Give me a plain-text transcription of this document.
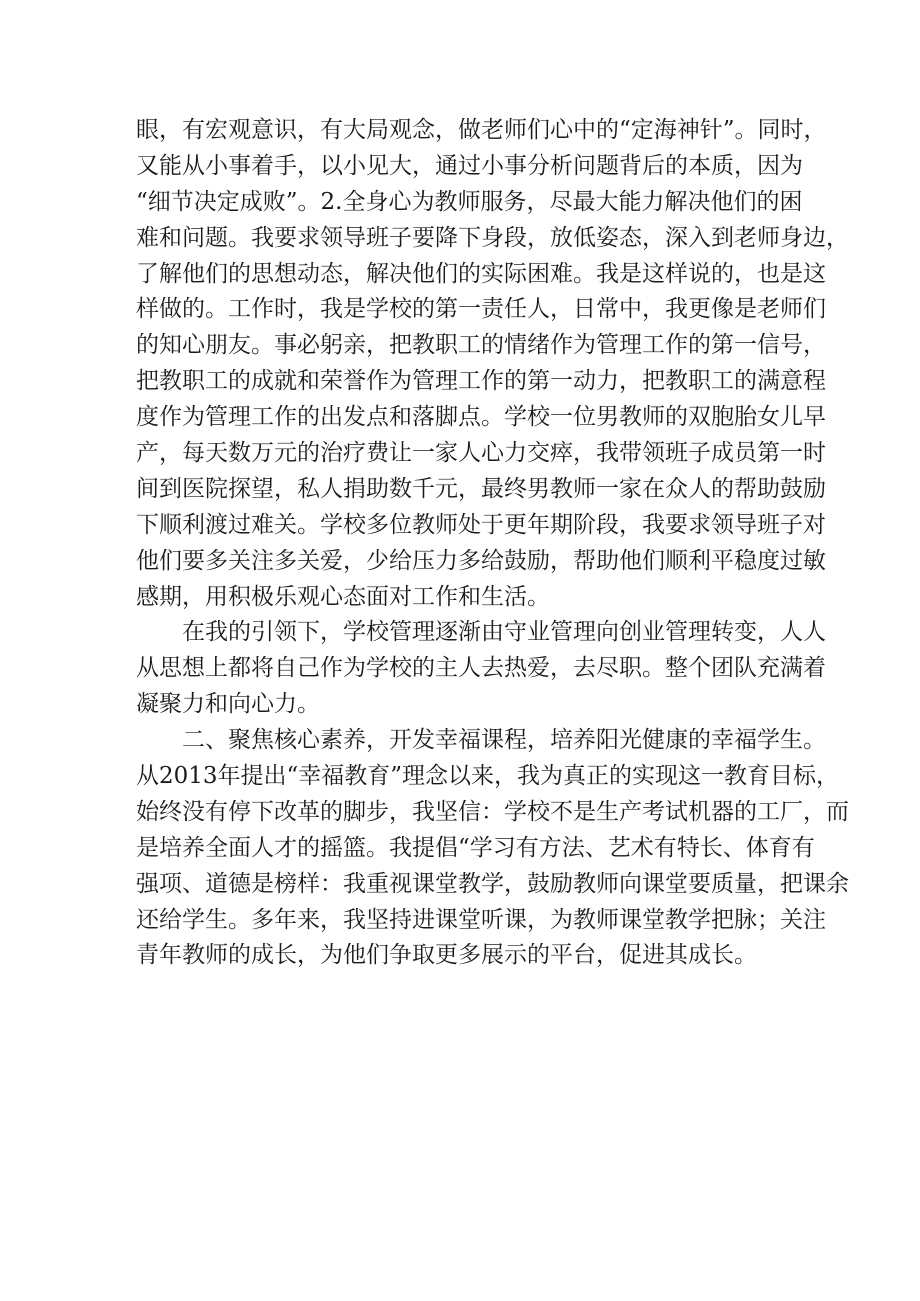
眼，有宏观意识，有大局观念，做老师们心中的“定海神针”。同时，
又能从小事着手，以小见大，通过小事分析问题背后的本质，因为
“细节决定成败”。2.全身心为教师服务，尽最大能力解决他们的困
难和问题。我要求领导班子要降下身段，放低姿态，深入到老师身边，
了解他们的思想动态，解决他们的实际困难。我是这样说的，也是这
样做的。工作时，我是学校的第一责任人，日常中，我更像是老师们
的知心朋友。事必躬亲，把教职工的情绪作为管理工作的第一信号，
把教职工的成就和荣誉作为管理工作的第一动力，把教职工的满意程
度作为管理工作的出发点和落脚点。学校一位男教师的双胞胎女儿早
产，每天数万元的治疗费让一家人心力交瘁，我带领班子成员第一时
间到医院探望，私人捐助数千元，最终男教师一家在众人的帮助鼓励
下顺利渡过难关。学校多位教师处于更年期阶段，我要求领导班子对
他们要多关注多关爱，少给压力多给鼓励，帮助他们顺利平稳度过敏
感期，用积极乐观心态面对工作和生活。
在我的引领下，学校管理逐渐由守业管理向创业管理转变，人人
从思想上都将自己作为学校的主人去热爱，去尽职。整个团队充满着
凝聚力和向心力。
二、聚焦核心素养，开发幸福课程，培养阳光健康的幸福学生。
从2013年提出“幸福教育”理念以来，我为真正的实现这一教育目标，
始终没有停下改革的脚步，我坚信：学校不是生产考试机器的工厂，而
是培养全面人才的摇篮。我提倡“学习有方法、艺术有特长、体育有
强项、道德是榜样：我重视课堂教学，鼓励教师向课堂要质量，把课余
还给学生。多年来，我坚持进课堂听课，为教师课堂教学把脉；关注
青年教师的成长，为他们争取更多展示的平台，促进其成长。
